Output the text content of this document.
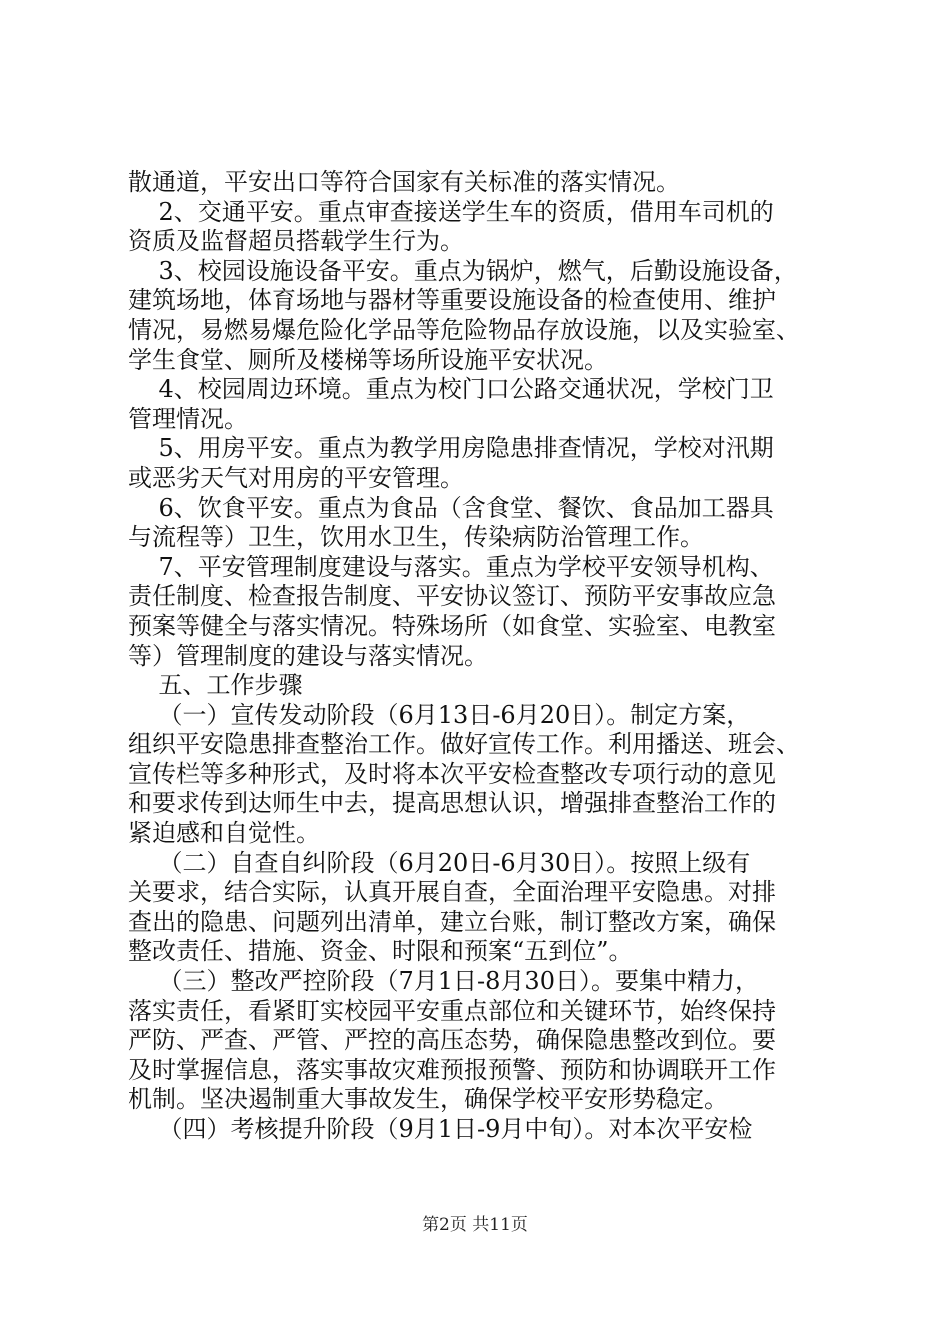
散通道，平安出口等符合国家有关标准的落实情况。

2、交通平安。重点审查接送学生车的资质，借用车司机的

资质及监督超员搭载学生行为。

3、校园设施设备平安。重点为锅炉，燃气，后勤设施设备，

建筑场地，体育场地与器材等重要设施设备的检查使用、维护

情况，易燃易爆危险化学品等危险物品存放设施，以及实验室、

学生食堂、厕所及楼梯等场所设施平安状况。

4、校园周边环境。重点为校门口公路交通状况，学校门卫

管理情况。

5、用房平安。重点为教学用房隐患排查情况，学校对汛期

或恶劣天气对用房的平安管理。

6、饮食平安。重点为食品（含食堂、餐饮、食品加工器具

与流程等）卫生，饮用水卫生，传染病防治管理工作。

7、平安管理制度建设与落实。重点为学校平安领导机构、

责任制度、检查报告制度、平安协议签订、预防平安事故应急

预案等健全与落实情况。特殊场所（如食堂、实验室、电教室

等）管理制度的建设与落实情况。

五、工作步骤

（一）宣传发动阶段（6月13日-6月20日）。制定方案，

组织平安隐患排查整治工作。做好宣传工作。利用播送、班会、

宣传栏等多种形式，及时将本次平安检查整改专项行动的意见

和要求传到达师生中去，提高思想认识，增强排查整治工作的

紧迫感和自觉性。

（二）自查自纠阶段（6月20日-6月30日）。按照上级有

关要求，结合实际，认真开展自查，全面治理平安隐患。对排

查出的隐患、问题列出清单，建立台账，制订整改方案，确保

整改责任、措施、资金、时限和预案“五到位”。

（三）整改严控阶段（7月1日-8月30日）。要集中精力，

落实责任，看紧盯实校园平安重点部位和关键环节，始终保持

严防、严查、严管、严控的高压态势，确保隐患整改到位。要

及时掌握信息，落实事故灾难预报预警、预防和协调联开工作

机制。坚决遏制重大事故发生，确保学校平安形势稳定。

（四）考核提升阶段（9月1日-9月中旬）。对本次平安检

第2页 共11页
